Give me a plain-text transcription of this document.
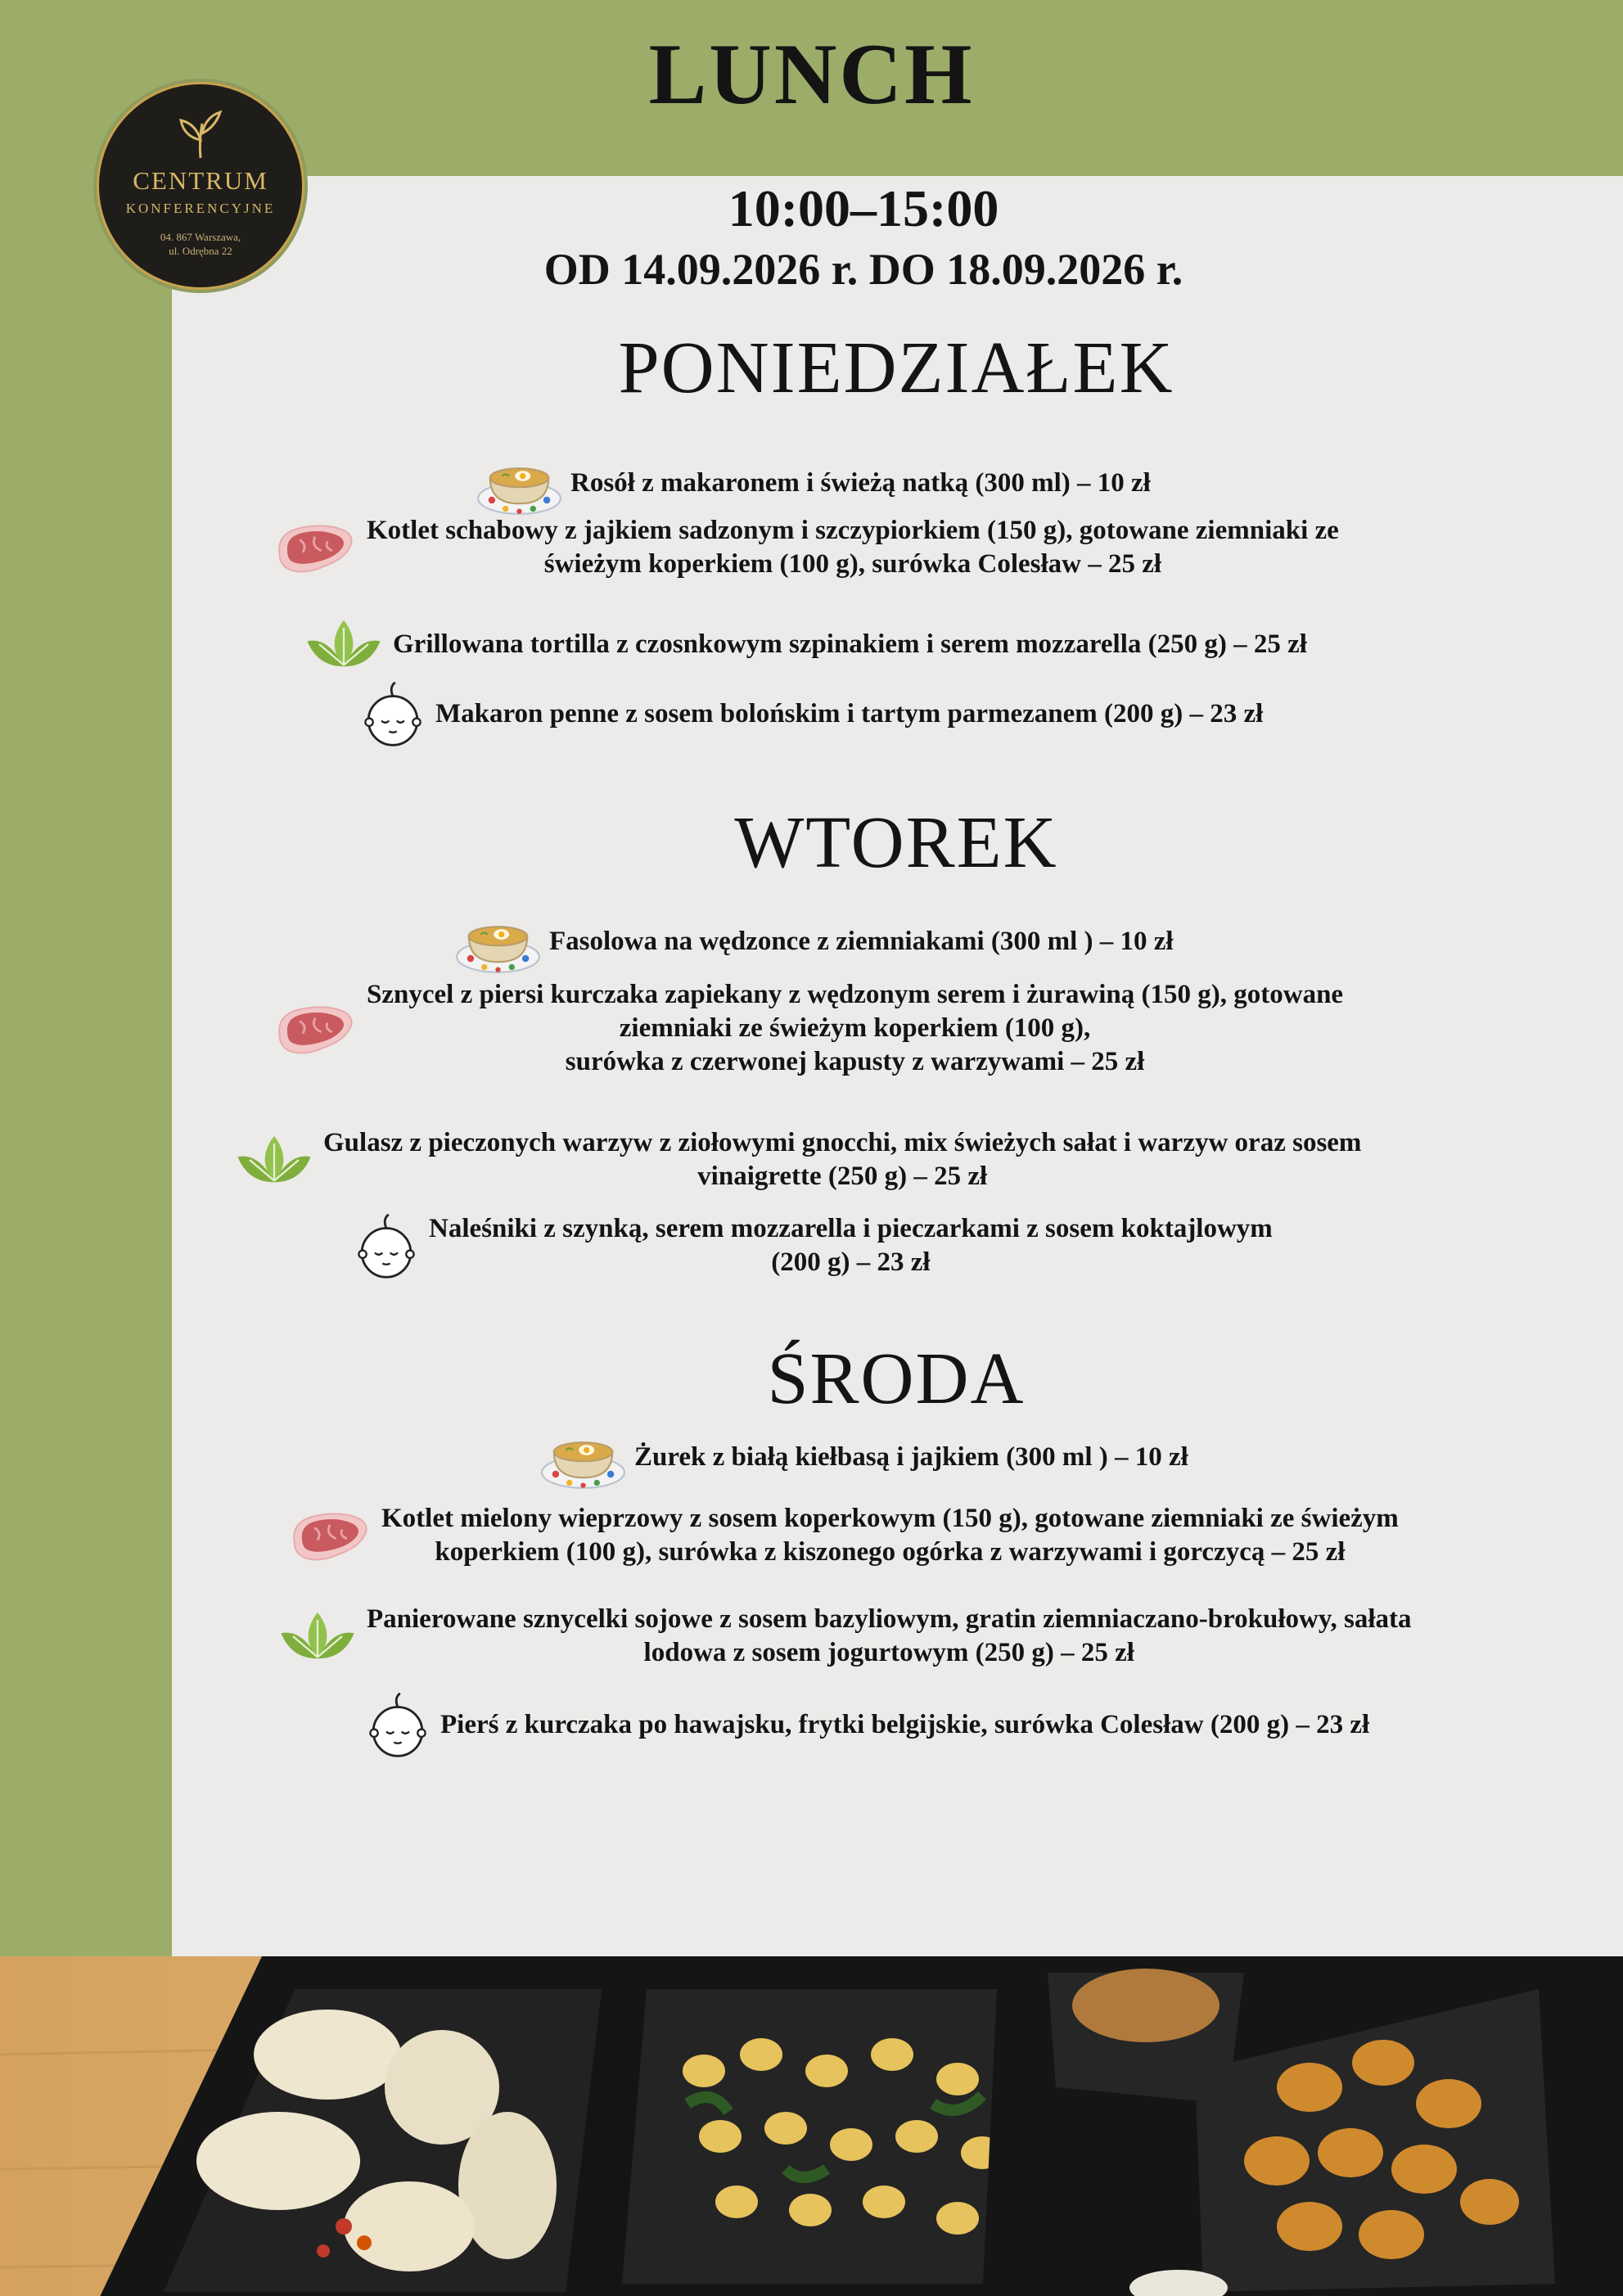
CENTRUM
KONFERENCYJNE
04. 867 Warszawa,
ul. Odrębna 22
LUNCH
10:00–15:00
OD 14.09.2026 r. DO 18.09.2026 r.
PONIEDZIAŁEK
Rosół z makaronem i świeżą natką (300 ml) – 10 zł
Kotlet schabowy z jajkiem sadzonym i szczypiorkiem (150 g), gotowane ziemniaki ze
świeżym koperkiem (100 g), surówka Colesław – 25 zł
Grillowana tortilla z czosnkowym szpinakiem i serem mozzarella (250 g) – 25 zł
Makaron penne z sosem bolońskim i tartym parmezanem (200 g) – 23 zł
WTOREK
Fasolowa na wędzonce z ziemniakami (300 ml ) – 10 zł
Sznycel z piersi kurczaka zapiekany z wędzonym serem i żurawiną (150 g), gotowane
ziemniaki ze świeżym koperkiem (100 g),
surówka z czerwonej kapusty z warzywami – 25 zł
Gulasz z pieczonych warzyw z ziołowymi gnocchi, mix świeżych sałat i warzyw oraz sosem
vinaigrette (250 g) – 25 zł
Naleśniki z szynką, serem mozzarella i pieczarkami z sosem koktajlowym
(200 g) – 23 zł
ŚRODA
Żurek z białą kiełbasą i jajkiem (300 ml ) – 10 zł
Kotlet mielony wieprzowy z sosem koperkowym (150 g), gotowane ziemniaki ze świeżym
koperkiem (100 g), surówka z kiszonego ogórka z warzywami i gorczycą – 25 zł
Panierowane sznycelki sojowe z sosem bazyliowym, gratin ziemniaczano-brokułowy, sałata
lodowa z sosem jogurtowym (250 g) – 25 zł
Pierś z kurczaka po hawajsku, frytki belgijskie, surówka Colesław (200 g) – 23 zł
